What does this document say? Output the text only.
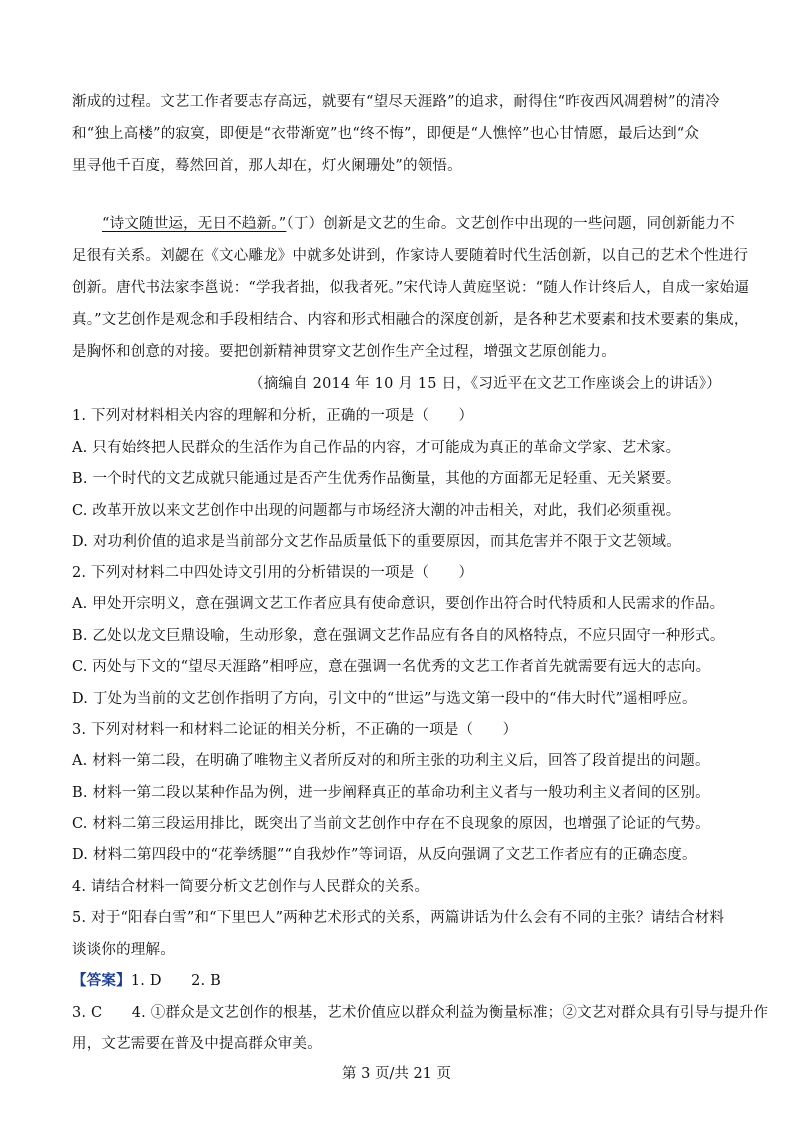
渐成的过程。文艺工作者要志存高远，就要有“望尽天涯路”的追求，耐得住“昨夜西风凋碧树”的清冷
和“独上高楼”的寂寞，即便是“衣带渐宽”也“终不悔”，即便是“人憔悴”也心甘情愿，最后达到“众
里寻他千百度，蓦然回首，那人却在，灯火阑珊处”的领悟。
“诗文随世运，无日不趋新。”（丁）创新是文艺的生命。文艺创作中出现的一些问题，同创新能力不
足很有关系。刘勰在《文心雕龙》中就多处讲到，作家诗人要随着时代生活创新，以自己的艺术个性进行
创新。唐代书法家李邕说：“学我者拙，似我者死。”宋代诗人黄庭坚说：“随人作计终后人，自成一家始逼
真。”文艺创作是观念和手段相结合、内容和形式相融合的深度创新，是各种艺术要素和技术要素的集成，
是胸怀和创意的对接。要把创新精神贯穿文艺创作生产全过程，增强文艺原创能力。
（摘编自 2014 年 10 月 15 日，《习近平在文艺工作座谈会上的讲话》）
1. 下列对材料相关内容的理解和分析，正确的一项是（　　）
A. 只有始终把人民群众的生活作为自己作品的内容，才可能成为真正的革命文学家、艺术家。
B. 一个时代的文艺成就只能通过是否产生优秀作品衡量，其他的方面都无足轻重、无关紧要。
C. 改革开放以来文艺创作中出现的问题都与市场经济大潮的冲击相关，对此，我们必须重视。
D. 对功利价值的追求是当前部分文艺作品质量低下的重要原因，而其危害并不限于文艺领域。
2. 下列对材料二中四处诗文引用的分析错误的一项是（　　）
A. 甲处开宗明义，意在强调文艺工作者应具有使命意识，要创作出符合时代特质和人民需求的作品。
B. 乙处以龙文巨鼎设喻，生动形象，意在强调文艺作品应有各自的风格特点，不应只固守一种形式。
C. 丙处与下文的“望尽天涯路”相呼应，意在强调一名优秀的文艺工作者首先就需要有远大的志向。
D. 丁处为当前的文艺创作指明了方向，引文中的“世运”与选文第一段中的“伟大时代”遥相呼应。
3. 下列对材料一和材料二论证的相关分析，不正确的一项是（　　）
A. 材料一第二段，在明确了唯物主义者所反对的和所主张的功利主义后，回答了段首提出的问题。
B. 材料一第二段以某种作品为例，进一步阐释真正的革命功利主义者与一般功利主义者间的区别。
C. 材料二第三段运用排比，既突出了当前文艺创作中存在不良现象的原因，也增强了论证的气势。
D. 材料二第四段中的“花拳绣腿”“自我炒作”等词语，从反向强调了文艺工作者应有的正确态度。
4. 请结合材料一简要分析文艺创作与人民群众的关系。
5. 对于“阳春白雪”和“下里巴人”两种艺术形式的关系，两篇讲话为什么会有不同的主张？请结合材料
谈谈你的理解。
【答案】1. D　　2. B
3. C　　4. ①群众是文艺创作的根基，艺术价值应以群众利益为衡量标准；②文艺对群众具有引导与提升作
用，文艺需要在普及中提高群众审美。
第 3 页/共 21 页
